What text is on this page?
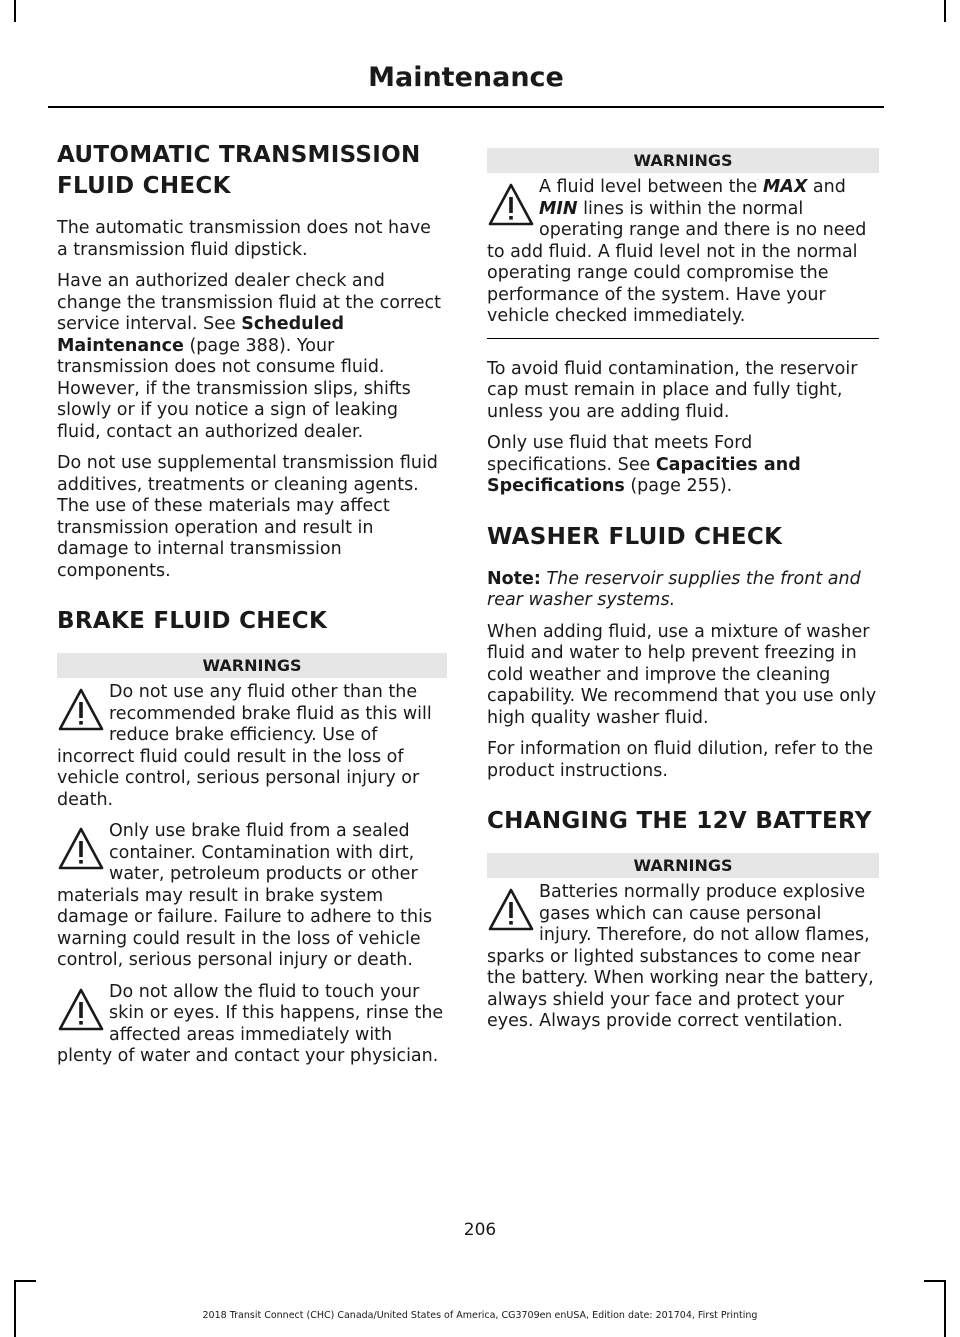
Maintenance
AUTOMATIC TRANSMISSION FLUID CHECK

The automatic transmission does not have a transmission fluid dipstick.

Have an authorized dealer check and change the transmission fluid at the correct service interval. See Scheduled Maintenance (page 388). Your transmission does not consume fluid. However, if the transmission slips, shifts slowly or if you notice a sign of leaking fluid, contact an authorized dealer.

Do not use supplemental transmission fluid additives, treatments or cleaning agents. The use of these materials may affect transmission operation and result in damage to internal transmission components.

BRAKE FLUID CHECK
WARNINGS
Do not use any fluid other than the recommended brake fluid as this will reduce brake efficiency. Use of incorrect fluid could result in the loss of vehicle control, serious personal injury or death.
Only use brake fluid from a sealed container. Contamination with dirt, water, petroleum products or other materials may result in brake system damage or failure. Failure to adhere to this warning could result in the loss of vehicle control, serious personal injury or death.
Do not allow the fluid to touch your skin or eyes. If this happens, rinse the affected areas immediately with plenty of water and contact your physician.
WARNINGS
A fluid level between the MAX and MIN lines is within the normal operating range and there is no need to add fluid. A fluid level not in the normal operating range could compromise the performance of the system. Have your vehicle checked immediately.

To avoid fluid contamination, the reservoir cap must remain in place and fully tight, unless you are adding fluid.

Only use fluid that meets Ford specifications. See Capacities and Specifications (page 255).

WASHER FLUID CHECK

Note: The reservoir supplies the front and rear washer systems.

When adding fluid, use a mixture of washer fluid and water to help prevent freezing in cold weather and improve the cleaning capability. We recommend that you use only high quality washer fluid.

For information on fluid dilution, refer to the product instructions.

CHANGING THE 12V BATTERY
WARNINGS
Batteries normally produce explosive gases which can cause personal injury. Therefore, do not allow flames, sparks or lighted substances to come near the battery. When working near the battery, always shield your face and protect your eyes. Always provide correct ventilation.
206
2018 Transit Connect (CHC) Canada/United States of America, CG3709en enUSA, Edition date: 201704, First Printing
